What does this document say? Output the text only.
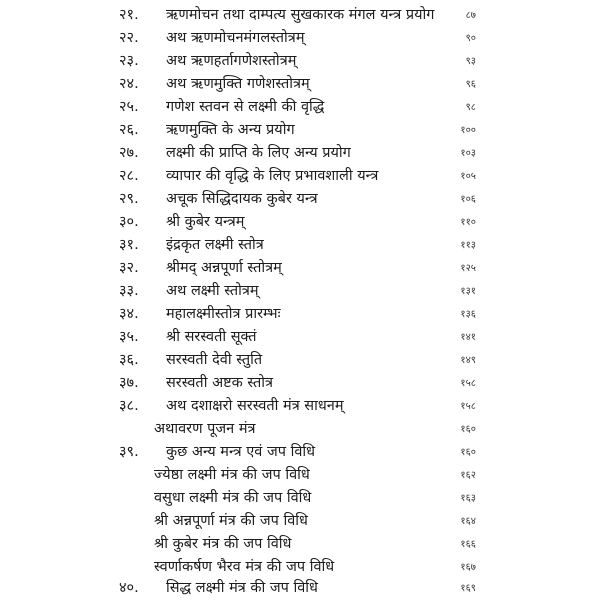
२१.	ऋणमोचन तथा दाम्पत्य सुखकारक मंगल यन्त्र प्रयोग	८७
२२.	अथ ऋणमोचनमंगलस्तोत्रम्	९०
२३.	अथ ऋणहर्तागणेशस्तोत्रम्	९३
२४.	अथ ऋणमुक्ति गणेशस्तोत्रम्	९६
२५.	गणेश स्तवन से लक्ष्मी की वृद्धि	९८
२६.	ऋणमुक्ति के अन्य प्रयोग	१००
२७.	लक्ष्मी की प्राप्ति के लिए अन्य प्रयोग	१०३
२८.	व्यापार की वृद्धि के लिए प्रभावशाली यन्त्र	१०५
२९.	अचूक सिद्धिदायक कुबेर यन्त्र	१०६
३०.	श्री कुबेर यन्त्रम्	११०
३१.	इंद्रकृत लक्ष्मी स्तोत्र	११३
३२.	श्रीमद् अन्नपूर्णा स्तोत्रम्	१२५
३३.	अथ लक्ष्मी स्तोत्रम्	१३१
३४.	महालक्ष्मीस्तोत्र प्रारम्भः	१३६
३५.	श्री सरस्वती सूक्तं	१४१
३६.	सरस्वती देवी स्तुति	१४९
३७.	सरस्वती अष्टक स्तोत्र	१५८
३८.	अथ दशाक्षरो सरस्वती मंत्र साधनम्	१५८
अथावरण पूजन मंत्र	१६०
३९.	कुछ अन्य मन्त्र एवं जप विधि	१६०
ज्येष्ठा लक्ष्मी मंत्र की जप विधि	१६२
वसुधा लक्ष्मी मंत्र की जप विधि	१६३
श्री अन्नपूर्णा मंत्र की जप विधि	१६४
श्री कुबेर मंत्र की जप विधि	१६६
स्वर्णाकर्षण भैरव मंत्र की जप विधि	१६७
४०.	सिद्ध लक्ष्मी मंत्र की जप विधि	१६९
